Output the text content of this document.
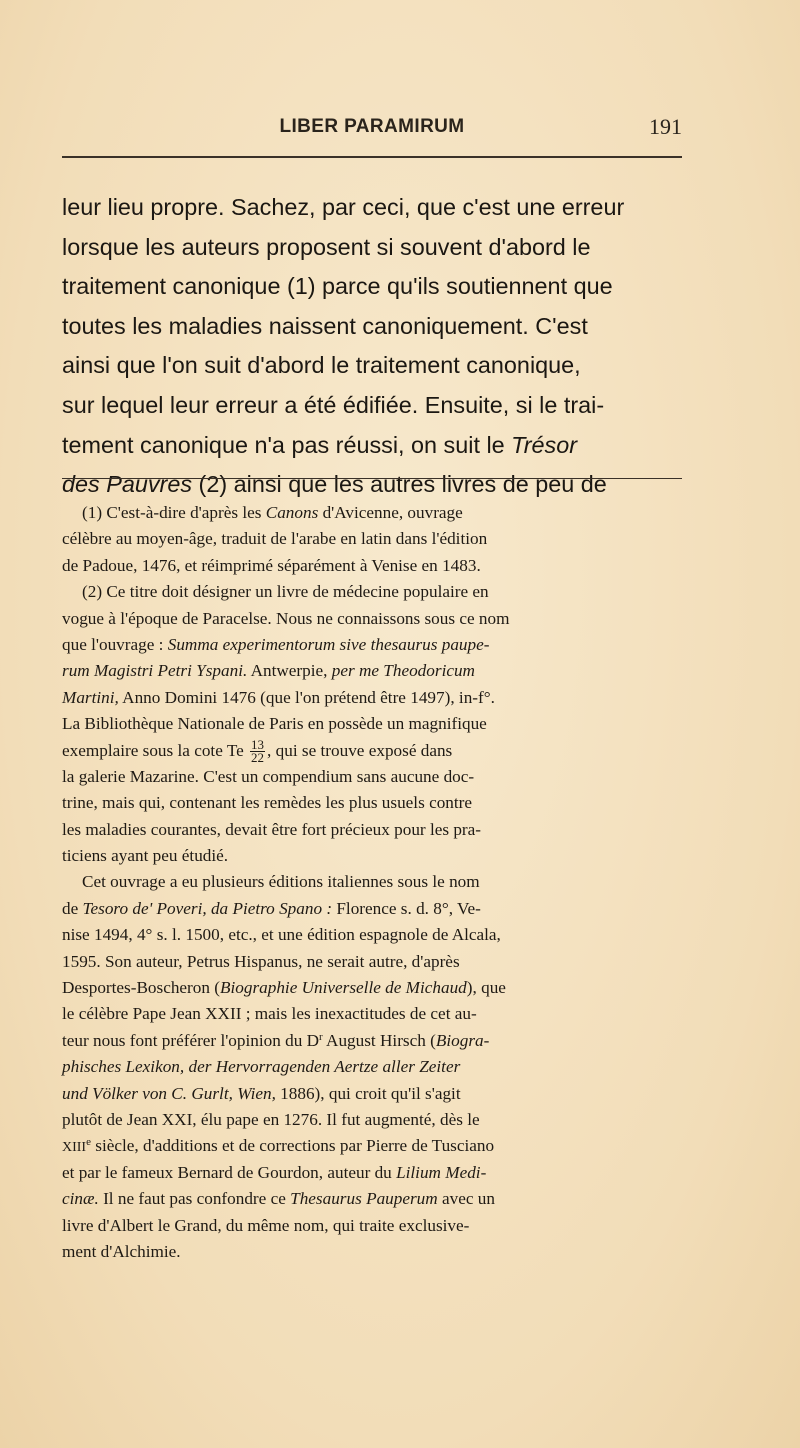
LIBER PARAMIRUM	191
leur lieu propre. Sachez, par ceci, que c'est une erreur
lorsque les auteurs proposent si souvent d'abord le
traitement canonique (1) parce qu'ils soutiennent que
toutes les maladies naissent canoniquement. C'est
ainsi que l'on suit d'abord le traitement canonique,
sur lequel leur erreur a été édifiée. Ensuite, si le trai-
tement canonique n'a pas réussi, on suit le Trésor
des Pauvres (2) ainsi que les autres livres de peu de
(1) C'est-à-dire d'après les Canons d'Avicenne, ouvrage
célèbre au moyen-âge, traduit de l'arabe en latin dans l'édition
de Padoue, 1476, et réimprimé séparément à Venise en 1483.
(2) Ce titre doit désigner un livre de médecine populaire en
vogue à l'époque de Paracelse. Nous ne connaissons sous ce nom
que l'ouvrage : Summa experimentorum sive thesaurus paupe-
rum Magistri Petri Yspani. Antwerpie, per me Theodoricum
Martini, Anno Domini 1476 (que l'on prétend être 1497), in-f°.
La Bibliothèque Nationale de Paris en possède un magnifique
exemplaire sous la cote Te $\frac{13}{22}$ , qui se trouve exposé dans
la galerie Mazarine. C'est un compendium sans aucune doc-
trine, mais qui, contenant les remèdes les plus usuels contre
les maladies courantes, devait être fort précieux pour les pra-
ticiens ayant peu étudié.
Cet ouvrage a eu plusieurs éditions italiennes sous le nom
de Tesoro de' Poveri, da Pietro Spano : Florence s. d. 8°, Ve-
nise 1494, 4° s. l. 1500, etc., et une édition espagnole de Alcala,
1595. Son auteur, Petrus Hispanus, ne serait autre, d'après
Desportes-Boscheron (Biographie Universelle de Michaud), que
le célèbre Pape Jean XXII ; mais les inexactitudes de cet au-
teur nous font préférer l'opinion du $D^r$ August Hirsch (Biogra-
phisches Lexikon, der Hervorragenden Aertze aller Zeiter
und Völker von C. Gurlt, Wien, 1886), qui croit qu'il s'agit
plutôt de Jean XXI, élu pape en 1276. Il fut augmenté, dès le
XIIIe siècle, d'additions et de corrections par Pierre de Tusciano
et par le fameux Bernard de Gourdon, auteur du Lilium Medi-
cinæ. Il ne faut pas confondre ce Thesaurus Pauperum avec un
livre d'Albert le Grand, du même nom, qui traite exclusive-
ment d'Alchimie.
